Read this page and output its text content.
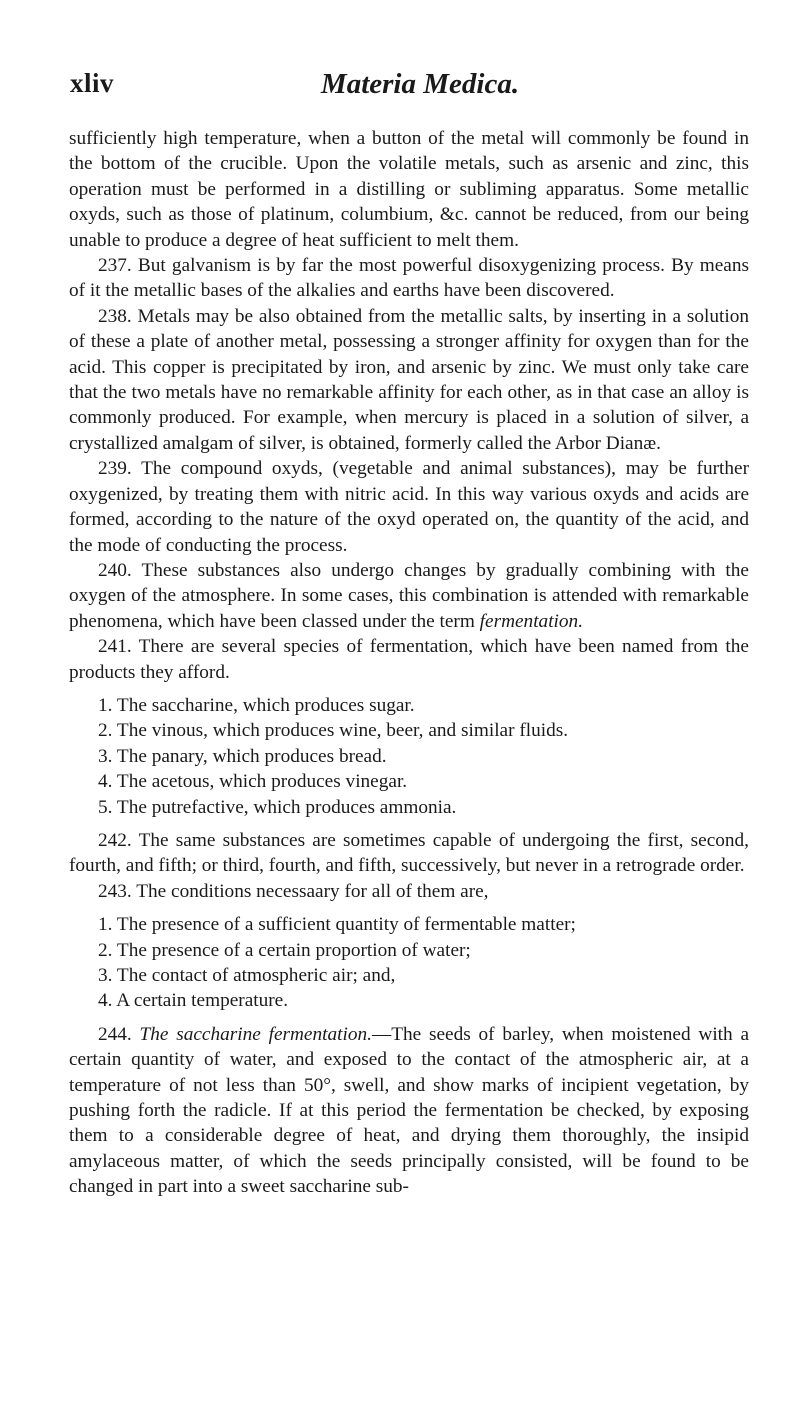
xliv	Materia Medica.

sufficiently high temperature, when a button of the metal will commonly be found in the bottom of the crucible. Upon the volatile metals, such as arsenic and zinc, this operation must be performed in a distilling or subliming apparatus. Some metallic oxyds, such as those of platinum, columbium, &c. cannot be reduced, from our being unable to produce a degree of heat sufficient to melt them.

237. But galvanism is by far the most powerful disoxygenizing process. By means of it the metallic bases of the alkalies and earths have been discovered.

238. Metals may be also obtained from the metallic salts, by inserting in a solution of these a plate of another metal, possessing a stronger affinity for oxygen than for the acid. This copper is precipitated by iron, and arsenic by zinc. We must only take care that the two metals have no remarkable affinity for each other, as in that case an alloy is commonly produced. For example, when mercury is placed in a solution of silver, a crystallized amalgam of silver, is obtained, formerly called the Arbor Dianæ.

239. The compound oxyds, (vegetable and animal substances), may be further oxygenized, by treating them with nitric acid. In this way various oxyds and acids are formed, according to the nature of the oxyd operated on, the quantity of the acid, and the mode of conducting the process.

240. These substances also undergo changes by gradually combining with the oxygen of the atmosphere. In some cases, this combination is attended with remarkable phenomena, which have been classed under the term fermentation.

241. There are several species of fermentation, which have been named from the products they afford.

1. The saccharine, which produces sugar.
2. The vinous, which produces wine, beer, and similar fluids.
3. The panary, which produces bread.
4. The acetous, which produces vinegar.
5. The putrefactive, which produces ammonia.

242. The same substances are sometimes capable of undergoing the first, second, fourth, and fifth; or third, fourth, and fifth, successively, but never in a retrograde order.

243. The conditions necessaary for all of them are,

1. The presence of a sufficient quantity of fermentable matter;
2. The presence of a certain proportion of water;
3. The contact of atmospheric air; and,
4. A certain temperature.

244. The saccharine fermentation.—The seeds of barley, when moistened with a certain quantity of water, and exposed to the contact of the atmospheric air, at a temperature of not less than 50°, swell, and show marks of incipient vegetation, by pushing forth the radicle. If at this period the fermentation be checked, by exposing them to a considerable degree of heat, and drying them thoroughly, the insipid amylaceous matter, of which the seeds principally consisted, will be found to be changed in part into a sweet saccharine sub-
